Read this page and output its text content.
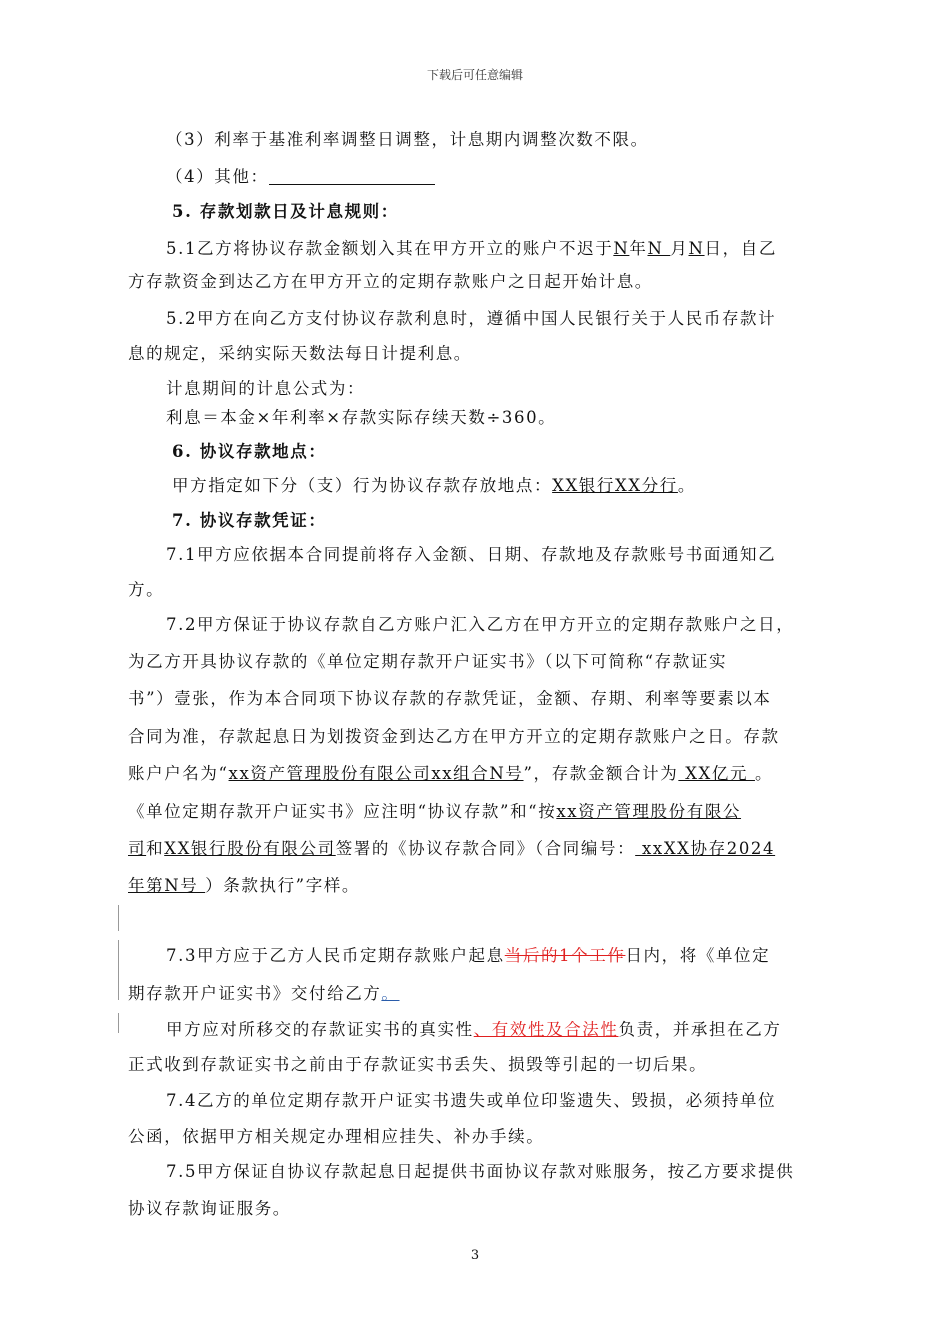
下载后可任意编辑
（3）利率于基准利率调整日调整，计息期内调整次数不限。
（4）其他：
5. 存款划款日及计息规则：
5.1乙方将协议存款金额划入其在甲方开立的账户不迟于N年N 月N日，自乙
方存款资金到达乙方在甲方开立的定期存款账户之日起开始计息。
5.2甲方在向乙方支付协议存款利息时，遵循中国人民银行关于人民币存款计
息的规定，采纳实际天数法每日计提利息。
计息期间的计息公式为：
利息＝本金×年利率×存款实际存续天数÷360。
6. 协议存款地点：
甲方指定如下分（支）行为协议存款存放地点：XX银行XX分行。
7. 协议存款凭证：
7.1甲方应依据本合同提前将存入金额、日期、存款地及存款账号书面通知乙
方。
7.2甲方保证于协议存款自乙方账户汇入乙方在甲方开立的定期存款账户之日，
为乙方开具协议存款的《单位定期存款开户证实书》（以下可简称“存款证实
书”）壹张，作为本合同项下协议存款的存款凭证，金额、存期、利率等要素以本
合同为准，存款起息日为划拨资金到达乙方在甲方开立的定期存款账户之日。存款
账户户名为“xx资产管理股份有限公司xx组合N号”，存款金额合计为 XX亿元 。
《单位定期存款开户证实书》应注明“协议存款”和“按xx资产管理股份有限公
司和XX银行股份有限公司签署的《协议存款合同》（合同编号： xxXX协存2024
年第N号 ）条款执行”字样。
7.3甲方应于乙方人民币定期存款账户起息当后的1个工作日内，将《单位定
期存款开户证实书》交付给乙方。
甲方应对所移交的存款证实书的真实性、有效性及合法性负责，并承担在乙方
正式收到存款证实书之前由于存款证实书丢失、损毁等引起的一切后果。
7.4乙方的单位定期存款开户证实书遗失或单位印鉴遗失、毁损，必须持单位
公函，依据甲方相关规定办理相应挂失、补办手续。
7.5甲方保证自协议存款起息日起提供书面协议存款对账服务，按乙方要求提供
协议存款询证服务。
3
